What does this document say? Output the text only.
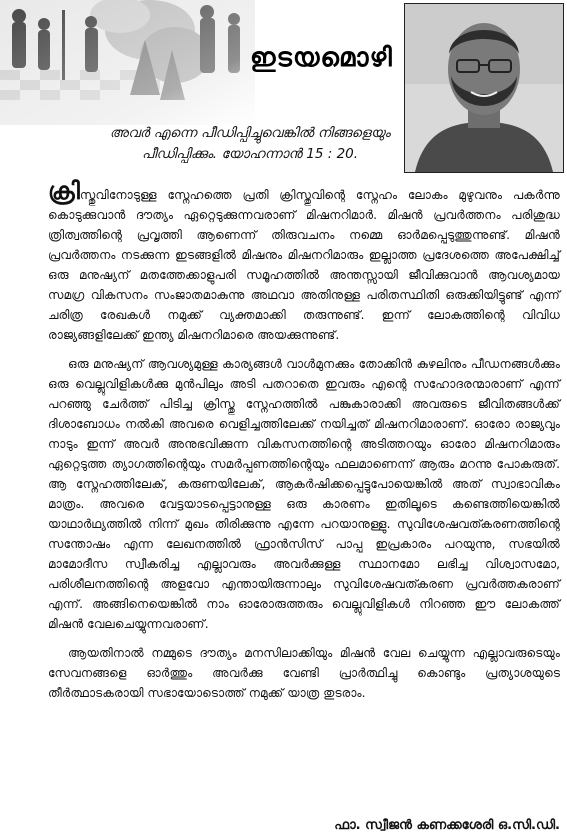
ഇടയമൊഴി
അവർ എന്നെ പീഡിപ്പിച്ചുവെങ്കിൽ നിങ്ങളെയും
പീഡിപ്പിക്കും. യോഹന്നാൻ 15 : 20.

ക്രിസ്തുവിനോടുള്ള സ്നേഹത്തെ പ്രതി ക്രിസ്തുവിന്റെ സ്നേഹം ലോകം മുഴുവനും പകർന്നു കൊടുക്കുവാൻ ദൗത്യം ഏറ്റെടുക്കുന്നവരാണ് മിഷനറിമാർ. മിഷൻ പ്രവർത്തനം പരിശുദ്ധ ത്രിത്വത്തിന്റെ പ്രവൃത്തി ആണെന്ന് തിരുവചനം നമ്മെ ഓർമപ്പെടുത്തുന്നുണ്ട്. മിഷൻ പ്രവർത്തനം നടക്കുന്ന ഇടങ്ങളിൽ മിഷനും മിഷനറിമാരും ഇല്ലാത്ത പ്രദേശത്തെ അപേക്ഷിച്ച് ഒരു മനുഷ്യന് മതത്തേക്കാളുപരി സമൂഹത്തിൽ അന്തസ്സായി ജീവിക്കുവാൻ ആവശ്യമായ സമഗ്ര വികസനം സംജാതമാകുന്നു അഥവാ അതിനുള്ള പരിതസ്ഥിതി ഒരുക്കിയിട്ടുണ്ട് എന്ന് ചരിത്ര രേഖകൾ നമുക്ക് വ്യക്തമാക്കി തരുന്നുണ്ട്. ഇന്ന് ലോകത്തിന്റെ വിവിധ രാജ്യങ്ങളിലേക്ക് ഇന്ത്യ മിഷനറിമാരെ അയക്കുന്നുണ്ട്.

ഒരു മനുഷ്യന് ആവശ്യമുള്ള കാര്യങ്ങൾ വാൾമുനക്കും തോക്കിൻ കുഴലിനും പീഡനങ്ങൾക്കും ഒരു വെല്ലുവിളികൾക്കു മുൻപിലും അടി പതറാതെ ഇവരും എന്റെ സഹോദരന്മാരാണ് എന്ന് പറഞ്ഞു ചേർത്ത് പിടിച്ച ക്രിസ്തു സ്നേഹത്തിൽ പങ്കുകാരാക്കി അവരുടെ ജീവിതങ്ങൾക്ക് ദിശാബോധം നൽകി അവരെ വെളിച്ചത്തിലേക്ക് നയിച്ചത് മിഷനറിമാരാണ്. ഓരോ രാജ്യവും നാടും ഇന്ന് അവർ അനുഭവിക്കുന്ന വികസനത്തിന്റെ അടിത്തറയും ഓരോ മിഷനറിമാരും ഏറ്റെടുത്ത ത്യാഗത്തിന്റെയും സമർപ്പണത്തിന്റെയും ഫലമാണെന്ന് ആരും മറന്നു പോകരുത്. ആ സ്നേഹത്തിലേക്, കരുണയിലേക്, ആകർഷിക്കപ്പെട്ടുപോയെങ്കിൽ അത് സ്വാഭാവികം മാത്രം. അവരെ വേട്ടയാടപ്പെട്ടാനുള്ള ഒരു കാരണം ഇതിലൂടെ കണ്ടെത്തിയെങ്കിൽ യാഥാർഥ്യത്തിൽ നിന്ന് മുഖം തിരിക്കുന്നു എന്നേ പറയാനുള്ളു. സുവിശേഷവത്കരണത്തിന്റെ സന്തോഷം എന്ന ലേഖനത്തിൽ ഫ്രാൻസിസ് പാപ്പ ഇപ്രകാരം പറയുന്നു, സഭയിൽ മാമോദീസ സ്വീകരിച്ച എല്ലാവരും അവർക്കുള്ള സ്ഥാനമോ ലഭിച്ച വിശ്വാസമോ, പരിശീലനത്തിന്റെ അളവോ എന്തായിരുന്നാലും സുവിശേഷവത്കരണ പ്രവർത്തകരാണ് എന്ന്. അങ്ങിനെയെങ്കിൽ നാം ഓരോരുത്തരും വെല്ലുവിളികൾ നിറഞ്ഞ ഈ ലോകത്ത് മിഷൻ വേലചെയ്യുന്നവരാണ്.

ആയതിനാൽ നമ്മുടെ ദൗത്യം മനസിലാക്കിയും മിഷൻ വേല ചെയ്യുന്ന എല്ലാവരുടെയും സേവനങ്ങളെ ഓർത്തും അവർക്കു വേണ്ടി പ്രാർത്ഥിച്ചു കൊണ്ടും പ്രത്യാശയുടെ തീർത്ഥാടകരായി സഭായോടൊത്ത് നമുക്ക് യാത്ര തുടരാം.

ഫാ. സ്വീജൻ കണക്കശേരി ഒ.സി.ഡി.
